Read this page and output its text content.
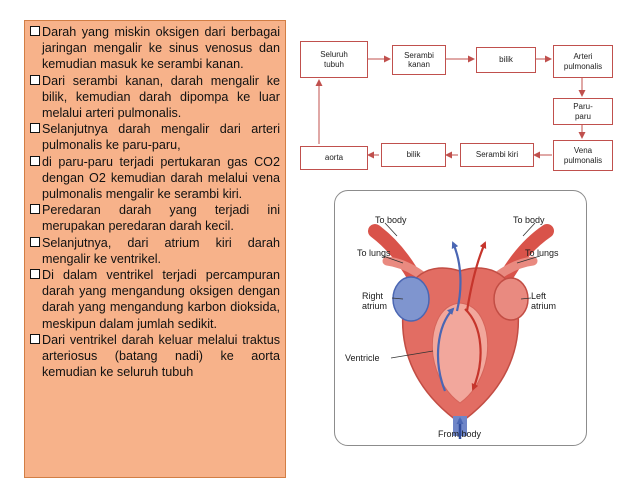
Darah yang miskin oksigen dari berbagai jaringan mengalir ke sinus venosus dan kemudian masuk ke serambi kanan.
Dari serambi kanan, darah mengalir ke bilik, kemudian darah dipompa ke luar melalui arteri pulmonalis.
Selanjutnya darah mengalir dari arteri pulmonalis ke paru-paru,
di paru-paru terjadi pertukaran gas CO2 dengan O2 kemudian darah melalui vena pulmonalis mengalir ke serambi kiri.
Peredaran darah yang terjadi ini merupakan peredaran darah kecil.
Selanjutnya, dari atrium kiri darah mengalir ke ventrikel.
Di dalam ventrikel terjadi percampuran darah yang mengandung oksigen dengan darah yang mengandung karbon dioksida, meskipun dalam jumlah sedikit.
Dari ventrikel darah keluar melalui traktus arteriosus (batang nadi) ke aorta kemudian ke seluruh tubuh
Seluruh
tubuh
Serambi
kanan
bilik	Arteri
pulmonalis
Paru-
paru
Vena
pulmonalis
Serambi kiri
bilik
aorta
To body	To body
To lungs	To lungs
Right
atrium
Left
atrium
Ventricle
From body
